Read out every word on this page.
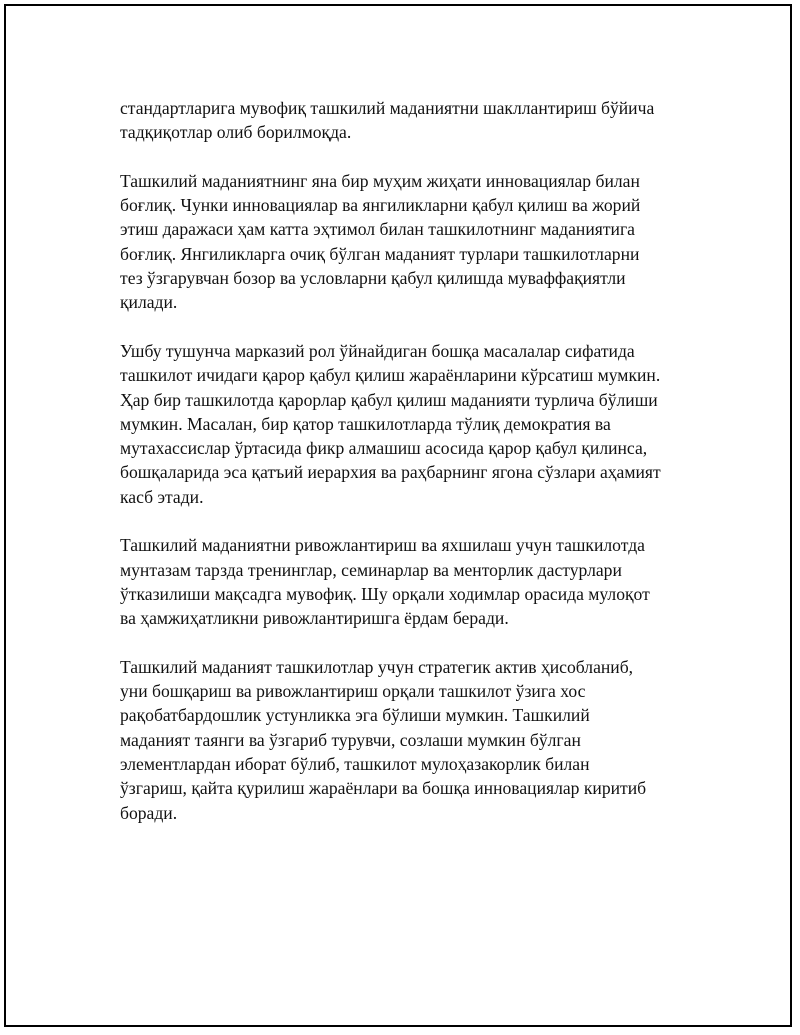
стандартларига мувофиқ ташкилий маданиятни шакллантириш бўйича
тадқиқотлар олиб борилмоқда.

Ташкилий маданиятнинг яна бир муҳим жиҳати инновациялар билан
боғлиқ. Чунки инновациялар ва янгиликларни қабул қилиш ва жорий
этиш даражаси ҳам катта эҳтимол билан ташкилотнинг маданиятига
боғлиқ. Янгиликларга очиқ бўлган маданият турлари ташкилотларни
тез ўзгарувчан бозор ва условларни қабул қилишда муваффақиятли
қилади.

Ушбу тушунча марказий рол ўйнайдиган бошқа масалалар сифатида
ташкилот ичидаги қарор қабул қилиш жараёнларини кўрсатиш мумкин.
Ҳар бир ташкилотда қарорлар қабул қилиш маданияти турлича бўлиши
мумкин. Масалан, бир қатор ташкилотларда тўлиқ демократия ва
мутахассислар ўртасида фикр алмашиш асосида қарор қабул қилинса,
бошқаларида эса қатъий иерархия ва раҳбарнинг ягона сўзлари аҳамият
касб этади.

Ташкилий маданиятни ривожлантириш ва яхшилаш учун ташкилотда
мунтазам тарзда тренинглар, семинарлар ва менторлик дастурлари
ўтказилиши мақсадга мувофиқ. Шу орқали ходимлар орасида мулоқот
ва ҳамжиҳатликни ривожлантиришга ёрдам беради.

Ташкилий маданият ташкилотлар учун стратегик актив ҳисобланиб,
уни бошқариш ва ривожлантириш орқали ташкилот ўзига хос
рақобатбардошлик устунликка эга бўлиши мумкин. Ташкилий
маданият таянги ва ўзгариб турувчи, созлаши мумкин бўлган
элементлардан иборат бўлиб, ташкилот мулоҳазакорлик билан
ўзгариш, қайта қурилиш жараёнлари ва бошқа инновациялар киритиб
боради.
